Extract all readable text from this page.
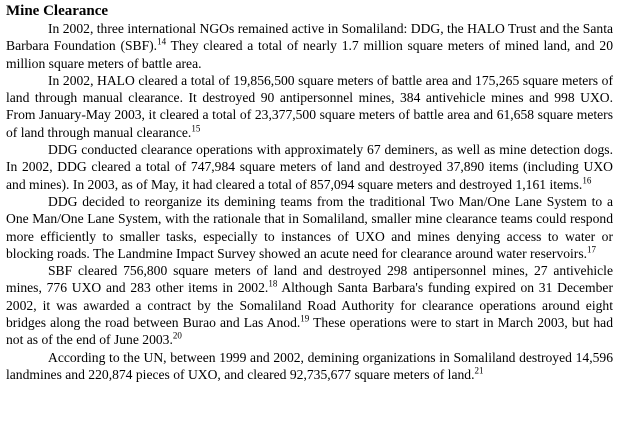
Mine Clearance

In 2002, three international NGOs remained active in Somaliland: DDG, the HALO Trust and the Santa Barbara Foundation (SBF).$^{14}$ They cleared a total of nearly 1.7 million square meters of mined land, and 20 million square meters of battle area.

In 2002, HALO cleared a total of 19,856,500 square meters of battle area and 175,265 square meters of land through manual clearance. It destroyed 90 antipersonnel mines, 384 antivehicle mines and 998 UXO. From January-May 2003, it cleared a total of 23,377,500 square meters of battle area and 61,658 square meters of land through manual clearance.$^{15}$

DDG conducted clearance operations with approximately 67 deminers, as well as mine detection dogs. In 2002, DDG cleared a total of 747,984 square meters of land and destroyed 37,890 items (including UXO and mines). In 2003, as of May, it had cleared a total of 857,094 square meters and destroyed 1,161 items.$^{16}$

DDG decided to reorganize its demining teams from the traditional Two Man/One Lane System to a One Man/One Lane System, with the rationale that in Somaliland, smaller mine clearance teams could respond more efficiently to smaller tasks, especially to instances of UXO and mines denying access to water or blocking roads. The Landmine Impact Survey showed an acute need for clearance around water reservoirs.$^{17}$

SBF cleared 756,800 square meters of land and destroyed 298 antipersonnel mines, 27 antivehicle mines, 776 UXO and 283 other items in 2002.18 Although Santa Barbara's funding expired on 31 December 2002, it was awarded a contract by the Somaliland Road Authority for clearance operations around eight bridges along the road between Burao and Las Anod.$^{19}$ These operations were to start in March 2003, but had not as of the end of June 2003.20

According to the UN, between 1999 and 2002, demining organizations in Somaliland destroyed 14,596 landmines and 220,874 pieces of UXO, and cleared 92,735,677 square meters of land.$^{21}$
